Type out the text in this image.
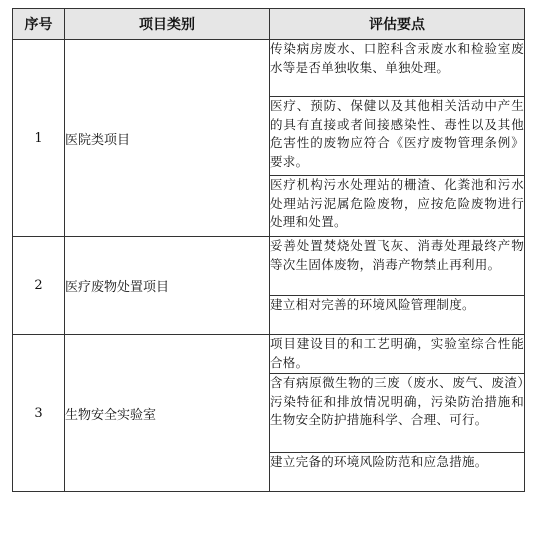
序号	项目类别	评估要点
1	医院类项目	传染病房废水、口腔科含汞废水和检验室废水等是否单独收集、单独处理。
		医疗、预防、保健以及其他相关活动中产生的具有直接或者间接感染性、毒性以及其他危害性的废物应符合《医疗废物管理条例》要求。
		医疗机构污水处理站的栅渣、化粪池和污水处理站污泥属危险废物，应按危险废物进行处理和处置。
2	医疗废物处置项目	妥善处置焚烧处置飞灰、消毒处理最终产物等次生固体废物，消毒产物禁止再利用。
		建立相对完善的环境风险管理制度。
3	生物安全实验室	项目建设目的和工艺明确，实验室综合性能合格。
		含有病原微生物的三废（废水、废气、废渣）污染特征和排放情况明确，污染防治措施和生物安全防护措施科学、合理、可行。
		建立完备的环境风险防范和应急措施。
